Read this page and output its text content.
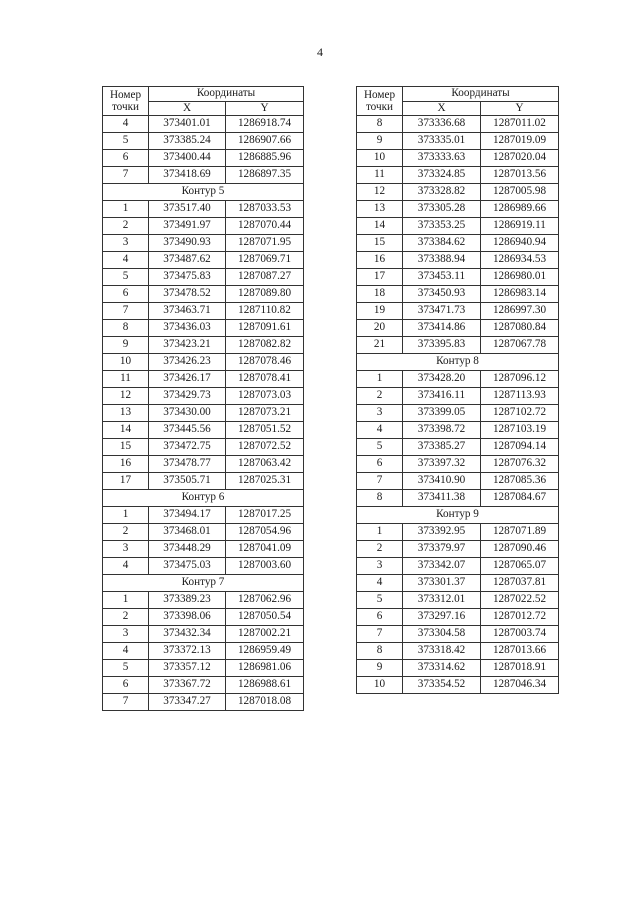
4
Номер
точки	Координаты	
	X	Y
4	373401.01	1286918.74
5	373385.24	1286907.66
6	373400.44	1286885.96
7	373418.69	1286897.35
Контур 5		
1	373517.40	1287033.53
2	373491.97	1287070.44
3	373490.93	1287071.95
4	373487.62	1287069.71
5	373475.83	1287087.27
6	373478.52	1287089.80
7	373463.71	1287110.82
8	373436.03	1287091.61
9	373423.21	1287082.82
10	373426.23	1287078.46
11	373426.17	1287078.41
12	373429.73	1287073.03
13	373430.00	1287073.21
14	373445.56	1287051.52
15	373472.75	1287072.52
16	373478.77	1287063.42
17	373505.71	1287025.31
Контур 6		
1	373494.17	1287017.25
2	373468.01	1287054.96
3	373448.29	1287041.09
4	373475.03	1287003.60
Контур 7		
1	373389.23	1287062.96
2	373398.06	1287050.54
3	373432.34	1287002.21
4	373372.13	1286959.49
5	373357.12	1286981.06
6	373367.72	1286988.61
7	373347.27	1287018.08
Номер
точки	Координаты	
	X	Y
8	373336.68	1287011.02
9	373335.01	1287019.09
10	373333.63	1287020.04
11	373324.85	1287013.56
12	373328.82	1287005.98
13	373305.28	1286989.66
14	373353.25	1286919.11
15	373384.62	1286940.94
16	373388.94	1286934.53
17	373453.11	1286980.01
18	373450.93	1286983.14
19	373471.73	1286997.30
20	373414.86	1287080.84
21	373395.83	1287067.78
Контур 8		
1	373428.20	1287096.12
2	373416.11	1287113.93
3	373399.05	1287102.72
4	373398.72	1287103.19
5	373385.27	1287094.14
6	373397.32	1287076.32
7	373410.90	1287085.36
8	373411.38	1287084.67
Контур 9		
1	373392.95	1287071.89
2	373379.97	1287090.46
3	373342.07	1287065.07
4	373301.37	1287037.81
5	373312.01	1287022.52
6	373297.16	1287012.72
7	373304.58	1287003.74
8	373318.42	1287013.66
9	373314.62	1287018.91
10	373354.52	1287046.34
